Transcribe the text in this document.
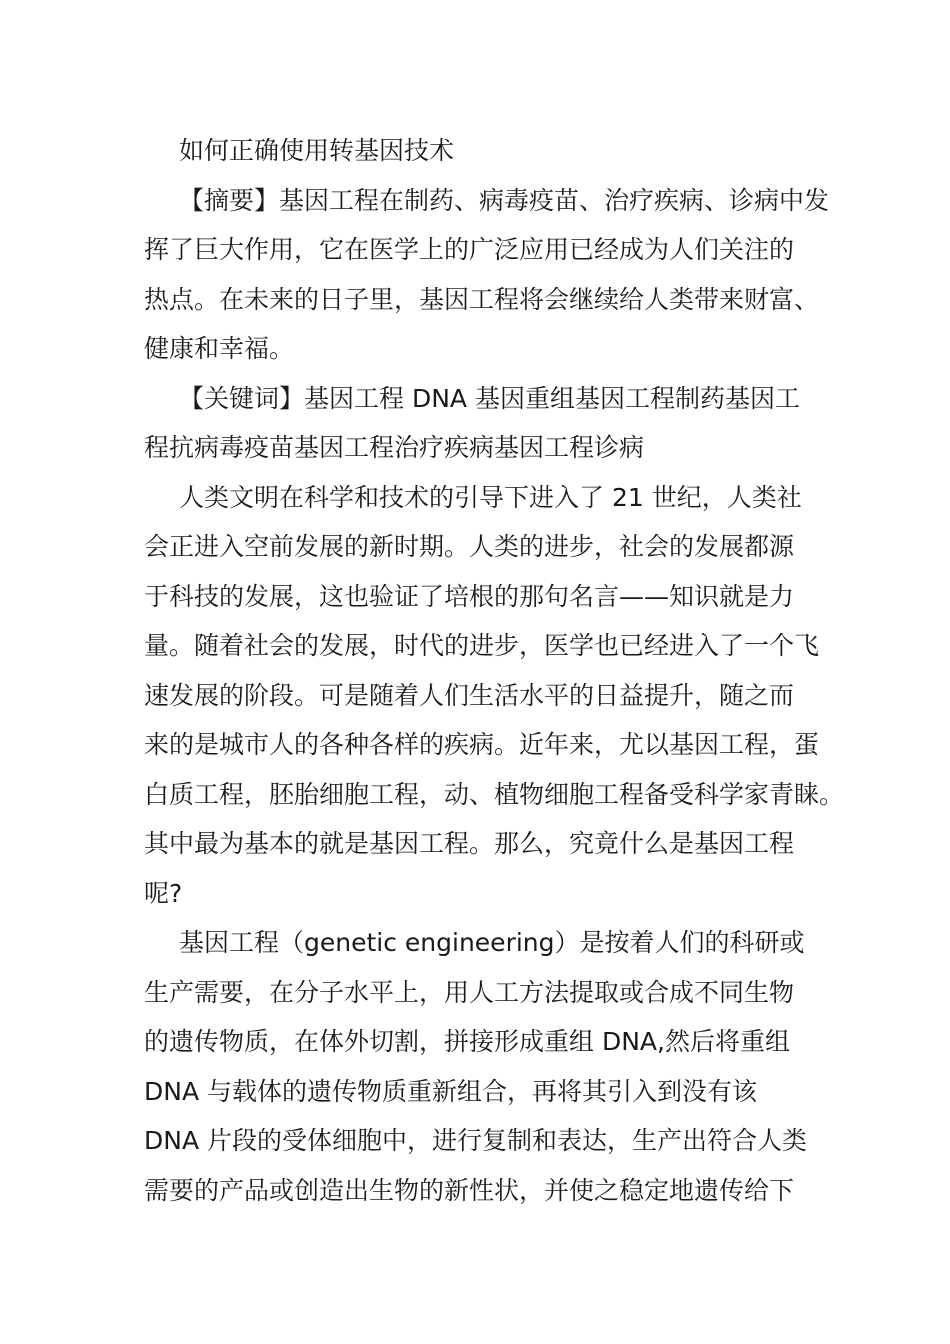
如何正确使用转基因技术
【摘要】基因工程在制药、病毒疫苗、治疗疾病、诊病中发
挥了巨大作用，它在医学上的广泛应用已经成为人们关注的
热点。在未来的日子里，基因工程将会继续给人类带来财富、
健康和幸福。
【关键词】基因工程 DNA 基因重组基因工程制药基因工
程抗病毒疫苗基因工程治疗疾病基因工程诊病
人类文明在科学和技术的引导下进入了 21 世纪，人类社
会正进入空前发展的新时期。人类的进步，社会的发展都源
于科技的发展，这也验证了培根的那句名言——知识就是力
量。随着社会的发展，时代的进步，医学也已经进入了一个飞
速发展的阶段。可是随着人们生活水平的日益提升，随之而
来的是城市人的各种各样的疾病。近年来，尤以基因工程，蛋
白质工程，胚胎细胞工程，动、植物细胞工程备受科学家青睐。
其中最为基本的就是基因工程。那么，究竟什么是基因工程
呢?
基因工程（genetic engineering）是按着人们的科研或
生产需要，在分子水平上，用人工方法提取或合成不同生物
的遗传物质，在体外切割，拼接形成重组 DNA,然后将重组
DNA 与载体的遗传物质重新组合，再将其引入到没有该
DNA 片段的受体细胞中，进行复制和表达，生产出符合人类
需要的产品或创造出生物的新性状，并使之稳定地遗传给下
